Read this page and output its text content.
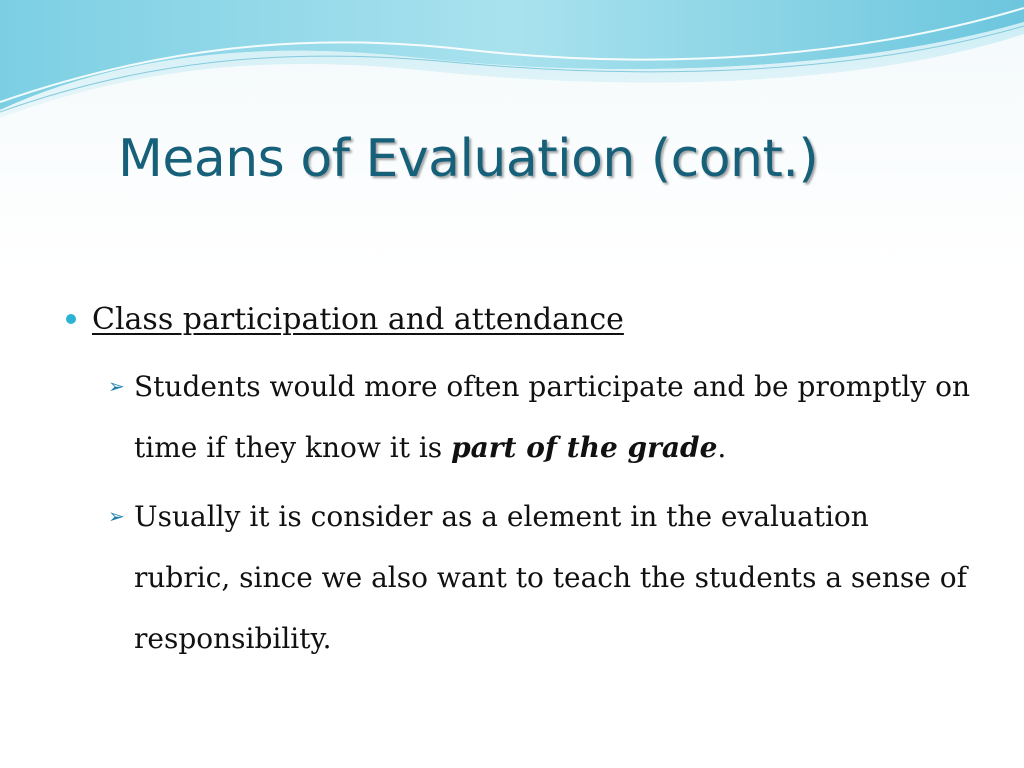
Means of Evaluation (cont.)
Class participation and attendance
➢ Students would more often participate and be promptly on time if they know it is part of the grade.
➢ Usually it is consider as a element in the evaluation rubric, since we also want to teach the students a sense of responsibility.
